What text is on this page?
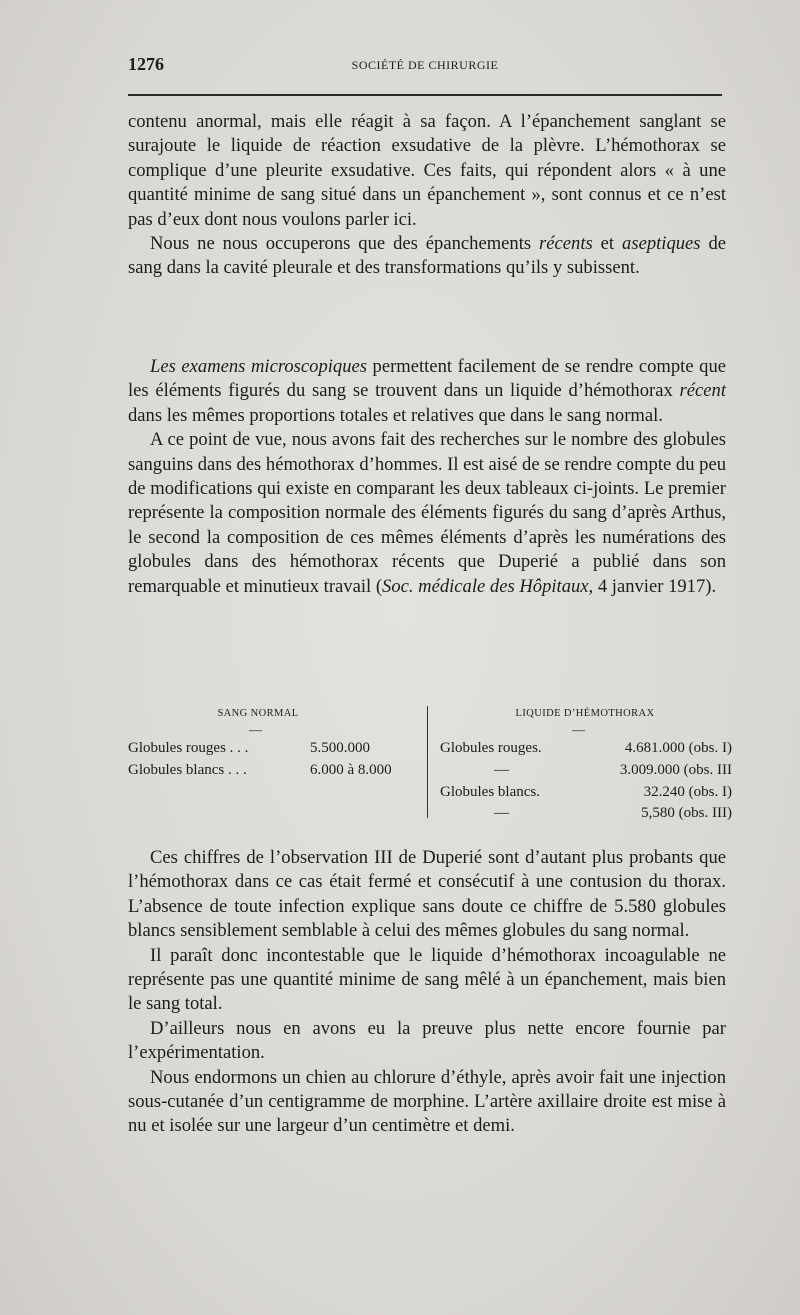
1276	SOCIÉTÉ DE CHIRURGIE

contenu anormal, mais elle réagit à sa façon. A l’épanchement sanglant se surajoute le liquide de réaction exsudative de la plèvre. L’hémothorax se complique d’une pleurite exsudative. Ces faits, qui répondent alors « à une quantité minime de sang situé dans un épanchement », sont connus et ce n’est pas d’eux dont nous voulons parler ici.

Nous ne nous occuperons que des épanchements récents et aseptiques de sang dans la cavité pleurale et des transformations qu’ils y subissent.

Les examens microscopiques permettent facilement de se rendre compte que les éléments figurés du sang se trouvent dans un liquide d’hémothorax récent dans les mêmes proportions totales et relatives que dans le sang normal.

A ce point de vue, nous avons fait des recherches sur le nombre des globules sanguins dans des hémothorax d’hommes. Il est aisé de se rendre compte du peu de modifications qui existe en comparant les deux tableaux ci-joints. Le premier représente la composition normale des éléments figurés du sang d’après Arthus, le second la composition de ces mêmes éléments d’après les numérations des globules dans des hémothorax récents que Duperié a publié dans son remarquable et minutieux travail (Soc. médicale des Hôpitaux, 4 janvier 1917).

SANG NORMAL
—
Globules rouges . . .	5.500.000
Globules blancs . . .	6.000 à 8.000
LIQUIDE D’HÉMOTHORAX
—
Globules rouges.	4.681.000 (obs. I)
—	3.009.000 (obs. III
Globules blancs.	32.240 (obs. I)
—	5,580 (obs. III)

Ces chiffres de l’observation III de Duperié sont d’autant plus probants que l’hémothorax dans ce cas était fermé et consécutif à une contusion du thorax. L’absence de toute infection explique sans doute ce chiffre de 5.580 globules blancs sensiblement semblable à celui des mêmes globules du sang normal.

Il paraît donc incontestable que le liquide d’hémothorax incoagulable ne représente pas une quantité minime de sang mêlé à un épanchement, mais bien le sang total.

D’ailleurs nous en avons eu la preuve plus nette encore fournie par l’expérimentation.

Nous endormons un chien au chlorure d’éthyle, après avoir fait une injection sous-cutanée d’un centigramme de morphine. L’artère axillaire droite est mise à nu et isolée sur une largeur d’un centimètre et demi.
